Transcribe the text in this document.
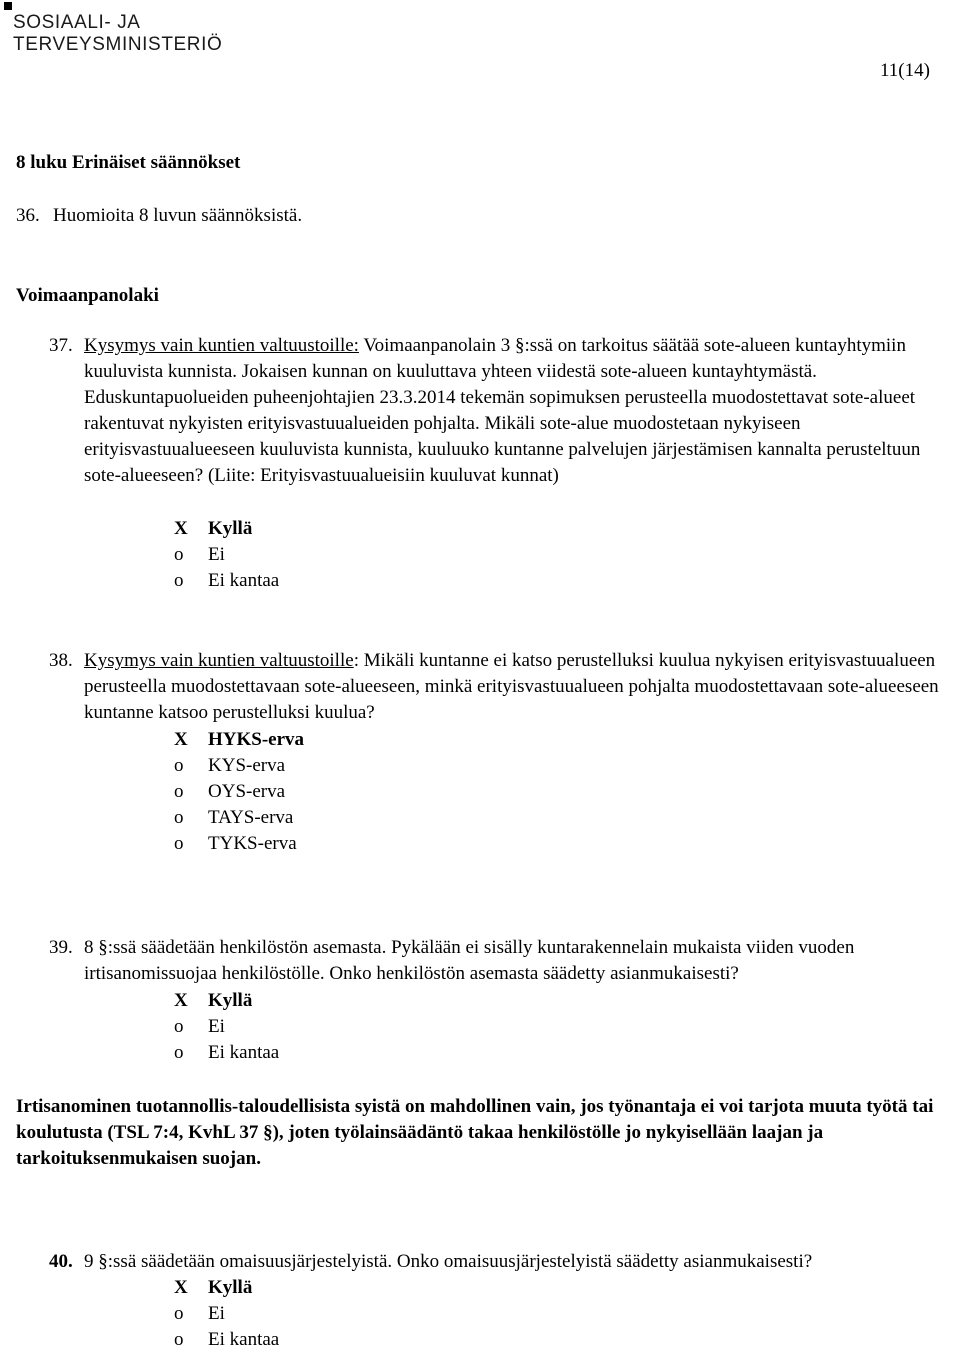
SOSIAALI- JA
TERVEYSMINISTERIÖ
11(14)
8 luku Erinäiset säännökset
36. Huomioita 8 luvun säännöksistä.
Voimaanpanolaki
37. Kysymys vain kuntien valtuustoille: Voimaanpanolain 3 §:ssä on tarkoitus säätää sote-alueen kuntayhtymiin kuuluvista kunnista. Jokaisen kunnan on kuuluttava yhteen viidestä sote-alueen kuntayhtymästä. Eduskuntapuolueiden puheenjohtajien 23.3.2014 tekemän sopimuksen perusteella muodostettavat sote-alueet rakentuvat nykyisten erityisvastuualueiden pohjalta. Mikäli sote-alue muodostetaan nykyiseen erityisvastuualueeseen kuuluvista kunnista, kuuluuko kuntanne palvelujen järjestämisen kannalta perusteltuun sote-alueeseen? (Liite: Erityisvastuualueisiin kuuluvat kunnat)
X Kyllä
o Ei
o Ei kantaa
38. Kysymys vain kuntien valtuustoille: Mikäli kuntanne ei katso perustelluksi kuulua nykyisen erityisvastuualueen perusteella muodostettavaan sote-alueeseen, minkä erityisvastuualueen pohjalta muodostettavaan sote-alueeseen kuntanne katsoo perustelluksi kuulua?
X HYKS-erva
o KYS-erva
o OYS-erva
o TAYS-erva
o TYKS-erva
39. 8 §:ssä säädetään henkilöstön asemasta. Pykälään ei sisälly kuntarakennelain mukaista viiden vuoden irtisanomissuojaa henkilöstölle. Onko henkilöstön asemasta säädetty asianmukaisesti?
X Kyllä
o Ei
o Ei kantaa
Irtisanominen tuotannollis-taloudellisista syistä on mahdollinen vain, jos työnantaja ei voi tarjota muuta työtä tai koulutusta (TSL 7:4, KvhL 37 §), joten työlainsäädäntö takaa henkilöstölle jo nykyisellään laajan ja tarkoituksenmukaisen suojan.
40. 9 §:ssä säädetään omaisuusjärjestelyistä. Onko omaisuusjärjestelyistä säädetty asianmukaisesti?
X Kyllä
o Ei
o Ei kantaa
